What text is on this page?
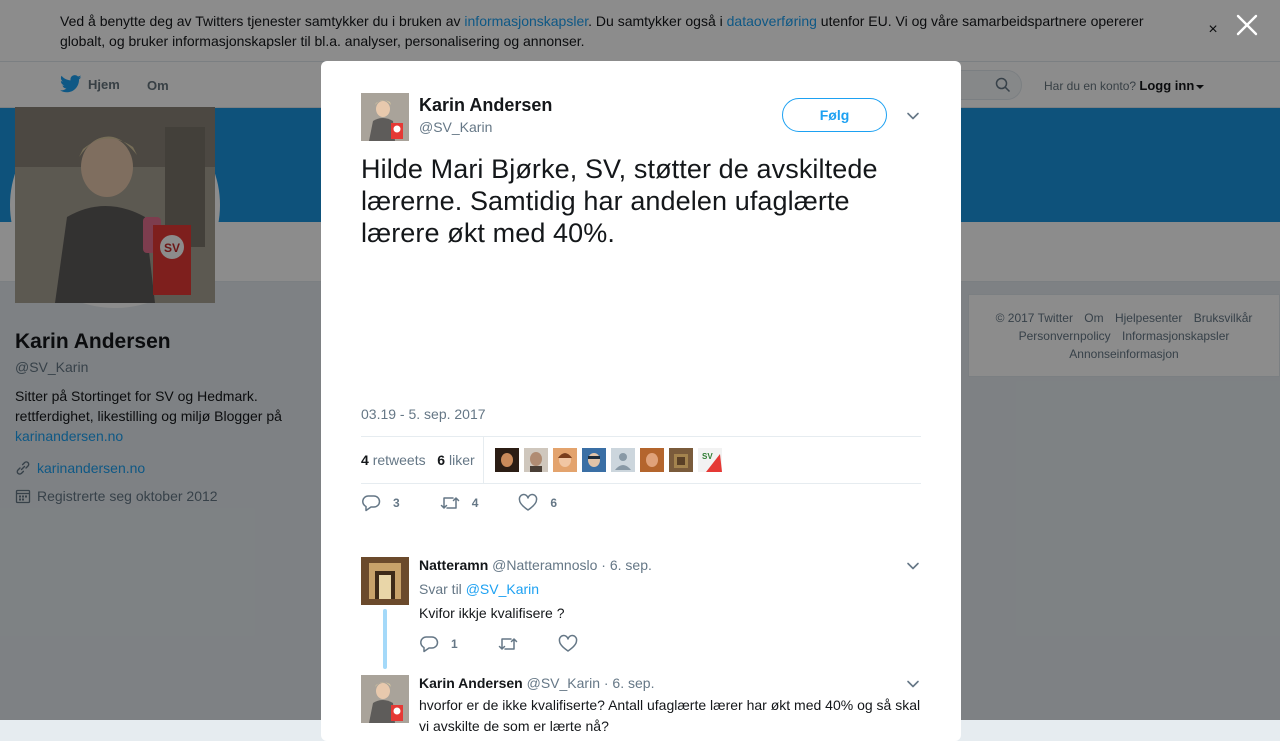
Ved å benytte deg av Twitters tjenester samtykker du i bruken av informasjonskapsler. Du samtykker også i dataoverføring utenfor EU. Vi og våre samarbeidspartnere opererer globalt, og bruker informasjonskapsler til bl.a. analyser, personalisering og annonser.
×
Hjem Om	Har du en konto? Logg inn
SV
Karin Andersen
@SV_Karin
Sitter på Stortinget for SV og Hedmark. rettferdighet, likestilling og miljø Blogger på karinandersen.no
karinandersen.no
Registrerte seg oktober 2012
© 2017 Twitter Om Hjelpesenter Bruksvilkår
Personvernpolicy Informasjonskapsler
Annonseinformasjon
Karin Andersen
@SV_Karin
Følg
Hilde Mari Bjørke, SV, støtter de avskiltede lærerne. Samtidig har andelen ufaglærte lærere økt med 40%.
03.19 - 5. sep. 2017
4 retweets 6 liker	SV
3	4	6
Natteramn @Natteramnoslo · 6. sep.
Svar til @SV_Karin
Kvifor ikkje kvalifisere ?
1
Karin Andersen @SV_Karin · 6. sep.
hvorfor er de ikke kvalifiserte? Antall ufaglærte lærer har økt med 40% og så skal vi avskilte de som er lærte nå?
